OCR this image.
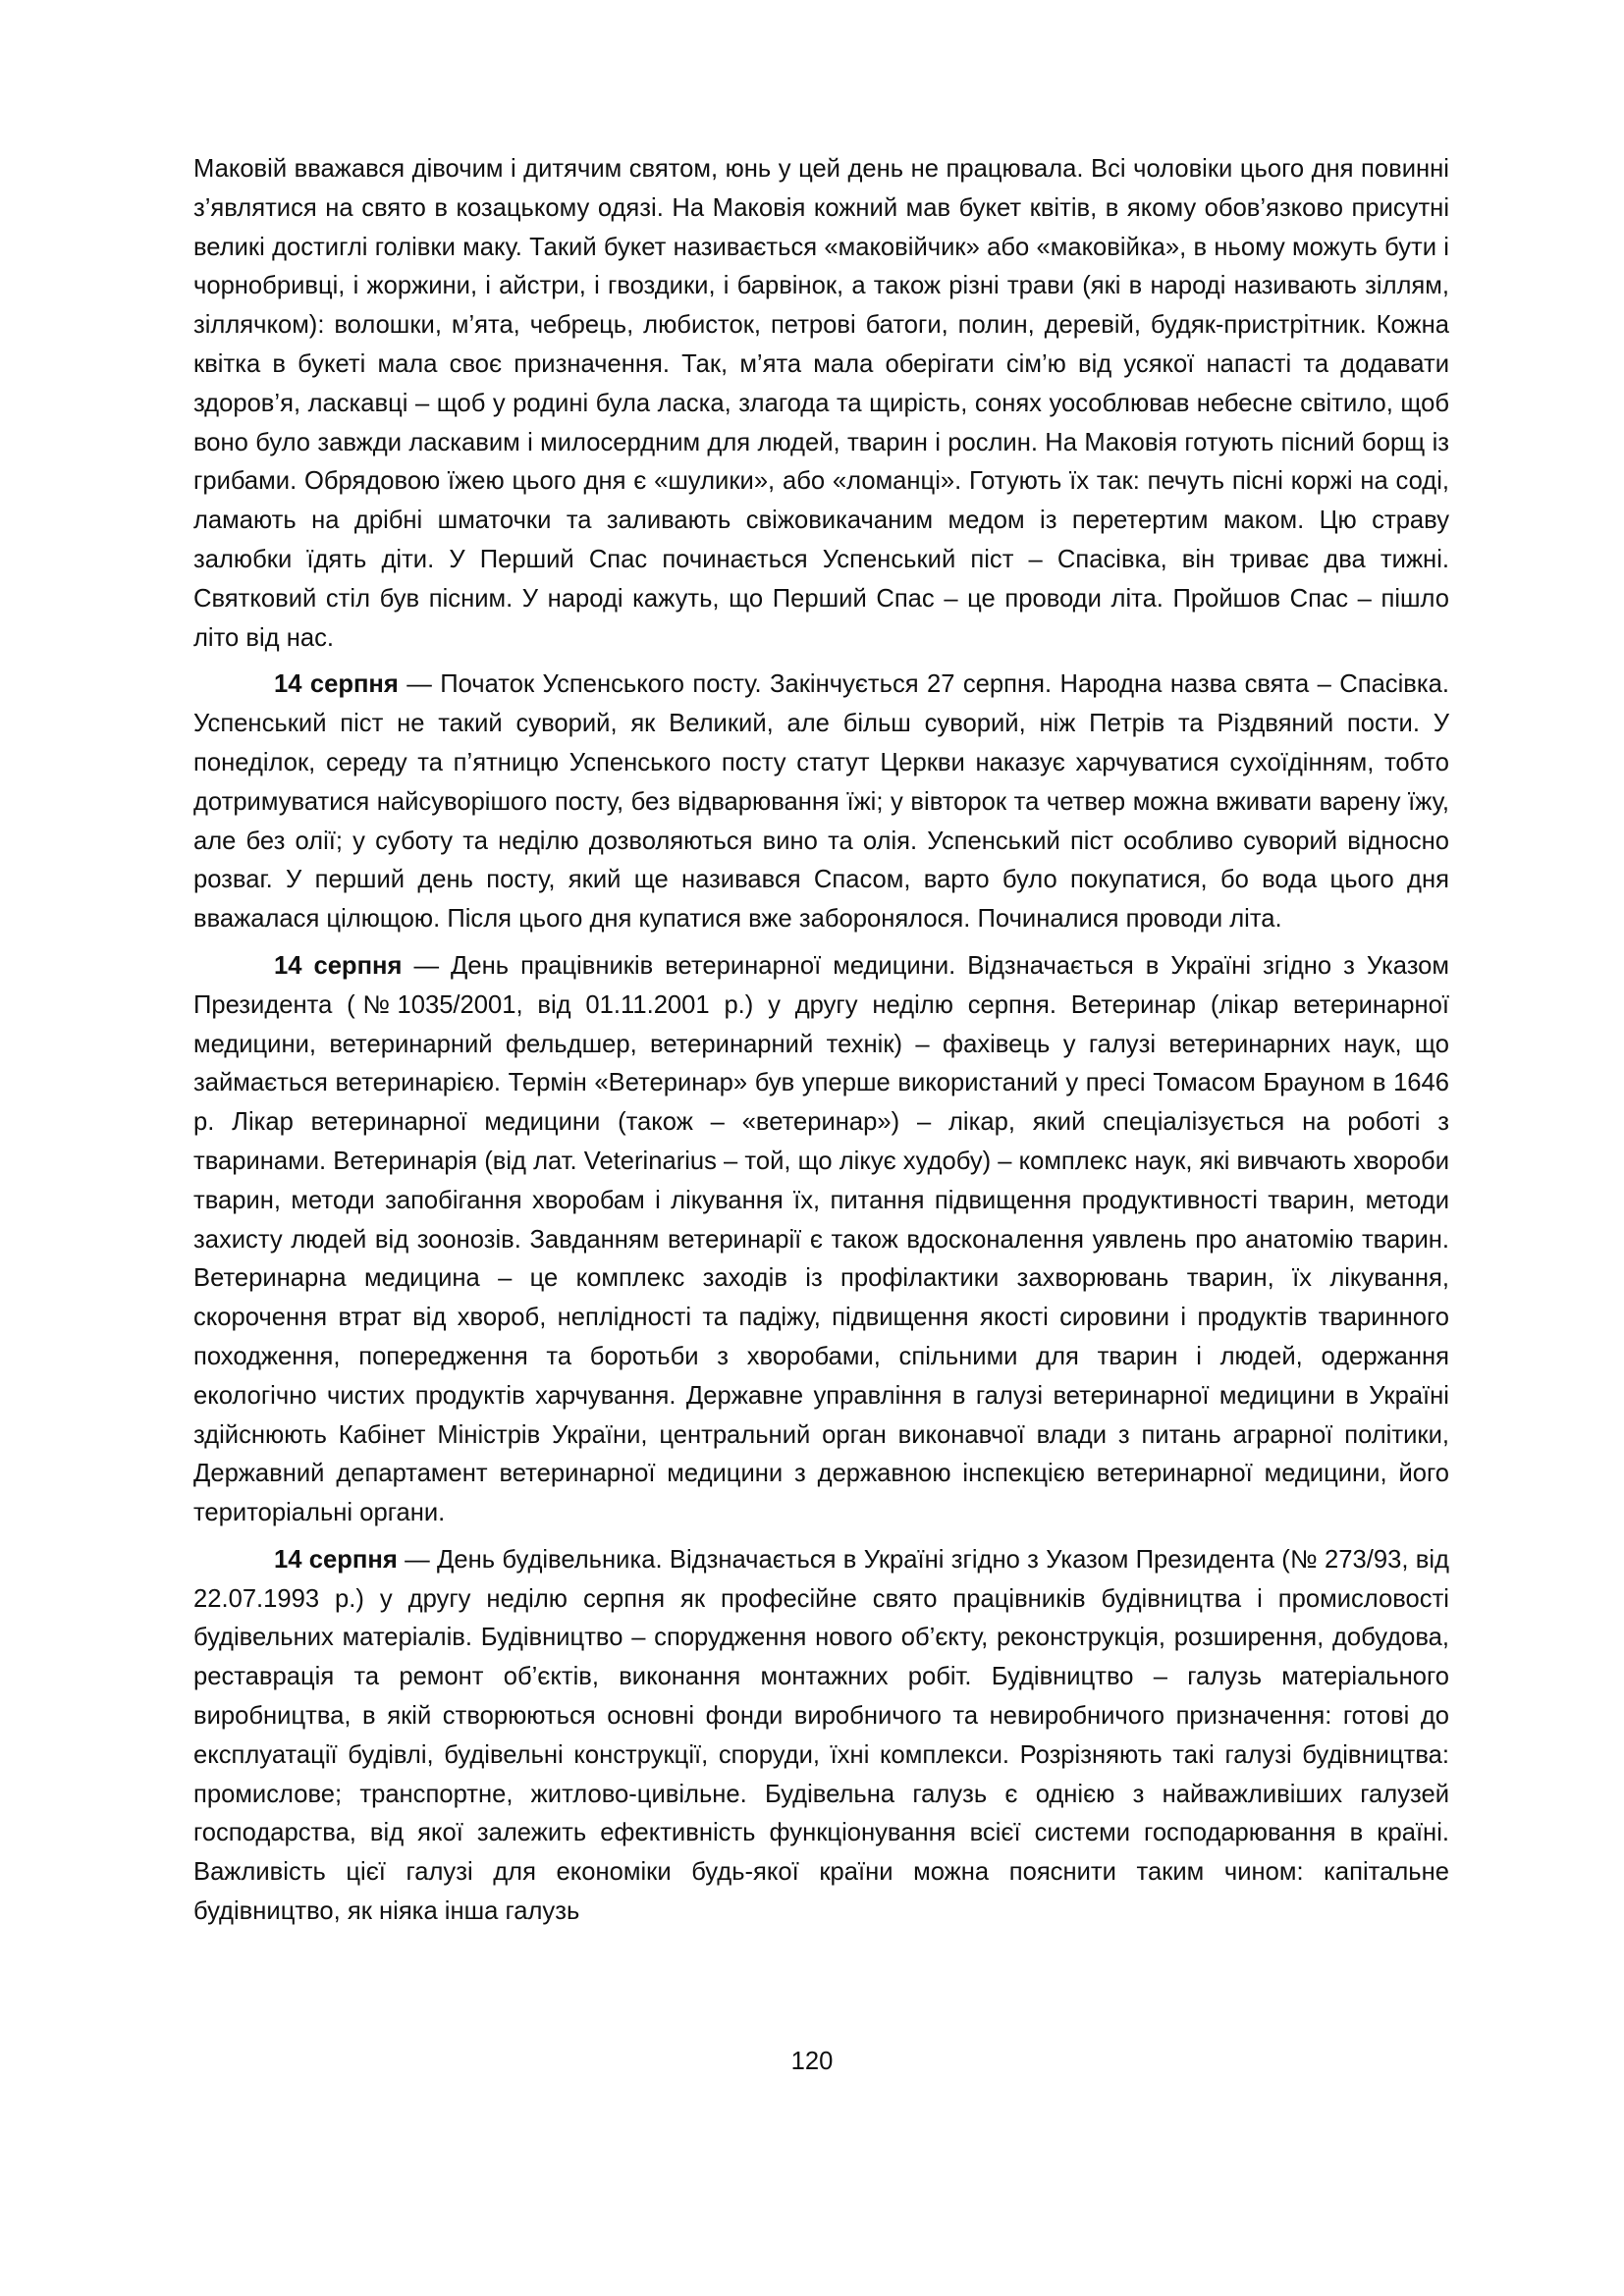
Маковій вважався дівочим і дитячим святом, юнь у цей день не працювала. Всі чоловіки цього дня повинні з’являтися на свято в козацькому одязі. На Маковія кожний мав букет квітів, в якому обов’язково присутні великі достиглі голівки маку. Такий букет називається «маковійчик» або «маковійка», в ньому можуть бути і чорнобривці, і жоржини, і айстри, і гвоздики, і барвінок, а також різні трави (які в народі називають зіллям, зіллячком): волошки, м’ята, чебрець, любисток, петрові батоги, полин, деревій, будяк-пристрітник. Кожна квітка в букеті мала своє призначення. Так, м’ята мала оберігати сім’ю від усякої напасті та додавати здоров’я, ласкавці – щоб у родині була ласка, злагода та щирість, сонях уособлював небесне світило, щоб воно було завжди ласкавим і милосердним для людей, тварин і рослин. На Маковія готують пісний борщ із грибами. Обрядовою їжею цього дня є «шулики», або «ломанці». Готують їх так: печуть пісні коржі на соді, ламають на дрібні шматочки та заливають свіжовикачаним медом із перетертим маком. Цю страву залюбки їдять діти. У Перший Спас починається Успенський піст – Спасівка, він триває два тижні. Святковий стіл був пісним. У народі кажуть, що Перший Спас – це проводи літа. Пройшов Спас – пішло літо від нас.

14 серпня — Початок Успенського посту. Закінчується 27 серпня. Народна назва свята – Спасівка. Успенський піст не такий суворий, як Великий, але більш суворий, ніж Петрів та Різдвяний пости. У понеділок, середу та п’ятницю Успенського посту статут Церкви наказує харчуватися сухоїдінням, тобто дотримуватися найсуворішого посту, без відварювання їжі; у вівторок та четвер можна вживати варену їжу, але без олії; у суботу та неділю дозволяються вино та олія. Успенський піст особливо суворий відносно розваг. У перший день посту, який ще називався Спасом, варто було покупатися, бо вода цього дня вважалася цілющою. Після цього дня купатися вже заборонялося. Починалися проводи літа.

14 серпня — День працівників ветеринарної медицини. Відзначається в Україні згідно з Указом Президента (№1035/2001, від 01.11.2001 р.) у другу неділю серпня. Ветеринар (лікар ветеринарної медицини, ветеринарний фельдшер, ветеринарний технік) – фахівець у галузі ветеринарних наук, що займається ветеринарією. Термін «Ветеринар» був уперше використаний у пресі Томасом Брауном в 1646 р. Лікар ветеринарної медицини (також – «ветеринар») – лікар, який спеціалізується на роботі з тваринами. Ветеринарія (від лат. Veterinarius – той, що лікує худобу) – комплекс наук, які вивчають хвороби тварин, методи запобігання хворобам і лікування їх, питання підвищення продуктивності тварин, методи захисту людей від зоонозів. Завданням ветеринарії є також вдосконалення уявлень про анатомію тварин. Ветеринарна медицина – це комплекс заходів із профілактики захворювань тварин, їх лікування, скорочення втрат від хвороб, неплідності та падіжу, підвищення якості сировини і продуктів тваринного походження, попередження та боротьби з хворобами, спільними для тварин і людей, одержання екологічно чистих продуктів харчування. Державне управління в галузі ветеринарної медицини в Україні здійснюють Кабінет Міністрів України, центральний орган виконавчої влади з питань аграрної політики, Державний департамент ветеринарної медицини з державною інспекцією ветеринарної медицини, його територіальні органи.

14 серпня — День будівельника. Відзначається в Україні згідно з Указом Президента (№ 273/93, від 22.07.1993 р.) у другу неділю серпня як професійне свято працівників будівництва і промисловості будівельних матеріалів. Будівництво – спорудження нового об’єкту, реконструкція, розширення, добудова, реставрація та ремонт об’єктів, виконання монтажних робіт. Будівництво – галузь матеріального виробництва, в якій створюються основні фонди виробничого та невиробничого призначення: готові до експлуатації будівлі, будівельні конструкції, споруди, їхні комплекси. Розрізняють такі галузі будівництва: промислове; транспортне, житлово-цивільне. Будівельна галузь є однією з найважливіших галузей господарства, від якої залежить ефективність функціонування всієї системи господарювання в країні. Важливість цієї галузі для економіки будь-якої країни можна пояснити таким чином: капітальне будівництво, як ніяка інша галузь

120
